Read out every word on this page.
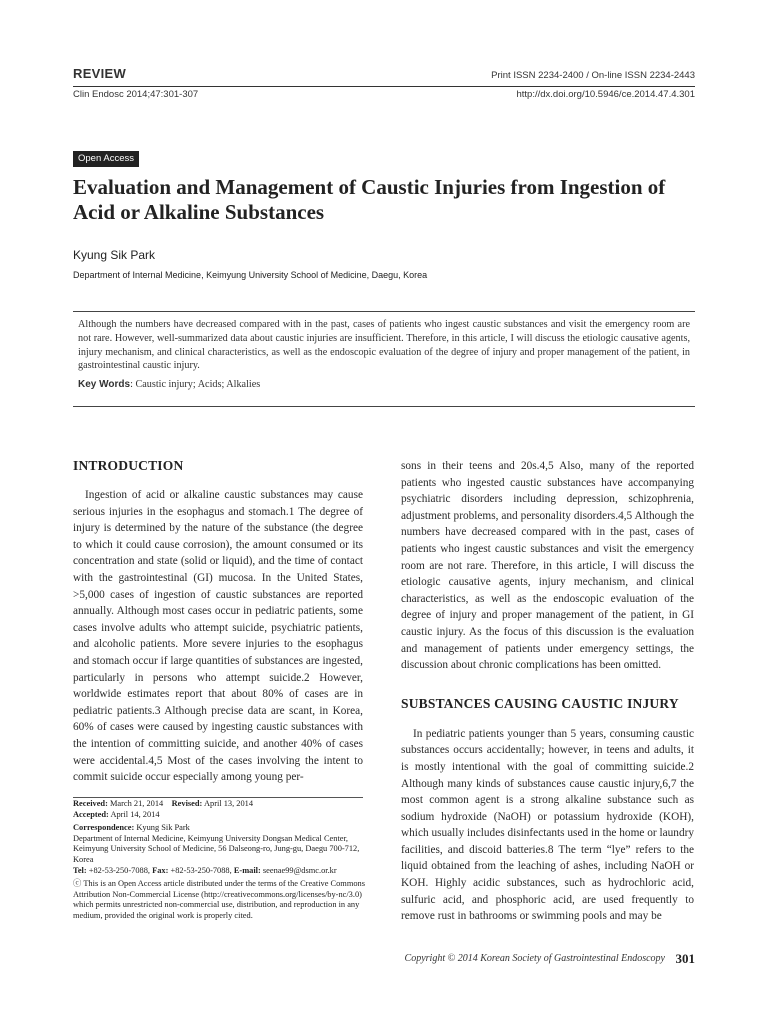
REVIEW	Print ISSN 2234-2400 / On-line ISSN 2234-2443
Clin Endosc 2014;47:301-307	http://dx.doi.org/10.5946/ce.2014.47.4.301
Open Access
Evaluation and Management of Caustic Injuries from Ingestion of Acid or Alkaline Substances
Kyung Sik Park
Department of Internal Medicine, Keimyung University School of Medicine, Daegu, Korea
Although the numbers have decreased compared with in the past, cases of patients who ingest caustic substances and visit the emergency room are not rare. However, well-summarized data about caustic injuries are insufficient. Therefore, in this article, I will discuss the etiologic causative agents, injury mechanism, and clinical characteristics, as well as the endoscopic evaluation of the degree of injury and proper management of the patient, in gastrointestinal caustic injury.
Key Words: Caustic injury; Acids; Alkalies
INTRODUCTION

Ingestion of acid or alkaline caustic substances may cause serious injuries in the esophagus and stomach.1 The degree of injury is determined by the nature of the substance (the degree to which it could cause corrosion), the amount consumed or its concentration and state (solid or liquid), and the time of contact with the gastrointestinal (GI) mucosa. In the United States, >5,000 cases of ingestion of caustic substances are reported annually. Although most cases occur in pediatric patients, some cases involve adults who attempt suicide, psychiatric patients, and alcoholic patients. More severe injuries to the esophagus and stomach occur if large quantities of substances are ingested, particularly in persons who attempt suicide.2 However, worldwide estimates report that about 80% of cases are in pediatric patients.3 Although precise data are scant, in Korea, 60% of cases were caused by ingesting caustic substances with the intention of committing suicide, and another 40% of cases were accidental.4,5 Most of the cases involving the intent to commit suicide occur especially among young per-

Received: March 21, 2014 Revised: April 13, 2014
Accepted: April 14, 2014
Correspondence: Kyung Sik Park
Department of Internal Medicine, Keimyung University Dongsan Medical Center, Keimyung University School of Medicine, 56 Dalseong-ro, Jung-gu, Daegu 700-712, Korea
Tel: +82-53-250-7088, Fax: +82-53-250-7088, E-mail: seenae99@dsmc.or.kr
ⓒ This is an Open Access article distributed under the terms of the Creative Commons Attribution Non-Commercial License (http://creativecommons.org/licenses/by-nc/3.0) which permits unrestricted non-commercial use, distribution, and reproduction in any medium, provided the original work is properly cited.

sons in their teens and 20s.4,5 Also, many of the reported patients who ingested caustic substances have accompanying psychiatric disorders including depression, schizophrenia, adjustment problems, and personality disorders.4,5 Although the numbers have decreased compared with in the past, cases of patients who ingest caustic substances and visit the emergency room are not rare. Therefore, in this article, I will discuss the etiologic causative agents, injury mechanism, and clinical characteristics, as well as the endoscopic evaluation of the degree of injury and proper management of the patient, in GI caustic injury. As the focus of this discussion is the evaluation and management of patients under emergency settings, the discussion about chronic complications has been omitted.

SUBSTANCES CAUSING CAUSTIC INJURY

In pediatric patients younger than 5 years, consuming caustic substances occurs accidentally; however, in teens and adults, it is mostly intentional with the goal of committing suicide.2 Although many kinds of substances cause caustic injury,6,7 the most common agent is a strong alkaline substance such as sodium hydroxide (NaOH) or potassium hydroxide (KOH), which usually includes disinfectants used in the home or laundry facilities, and discoid batteries.8 The term “lye” refers to the liquid obtained from the leaching of ashes, including NaOH or KOH. Highly acidic substances, such as hydrochloric acid, sulfuric acid, and phosphoric acid, are used frequently to remove rust in bathrooms or swimming pools and may be

Copyright © 2014 Korean Society of Gastrointestinal Endoscopy 301
